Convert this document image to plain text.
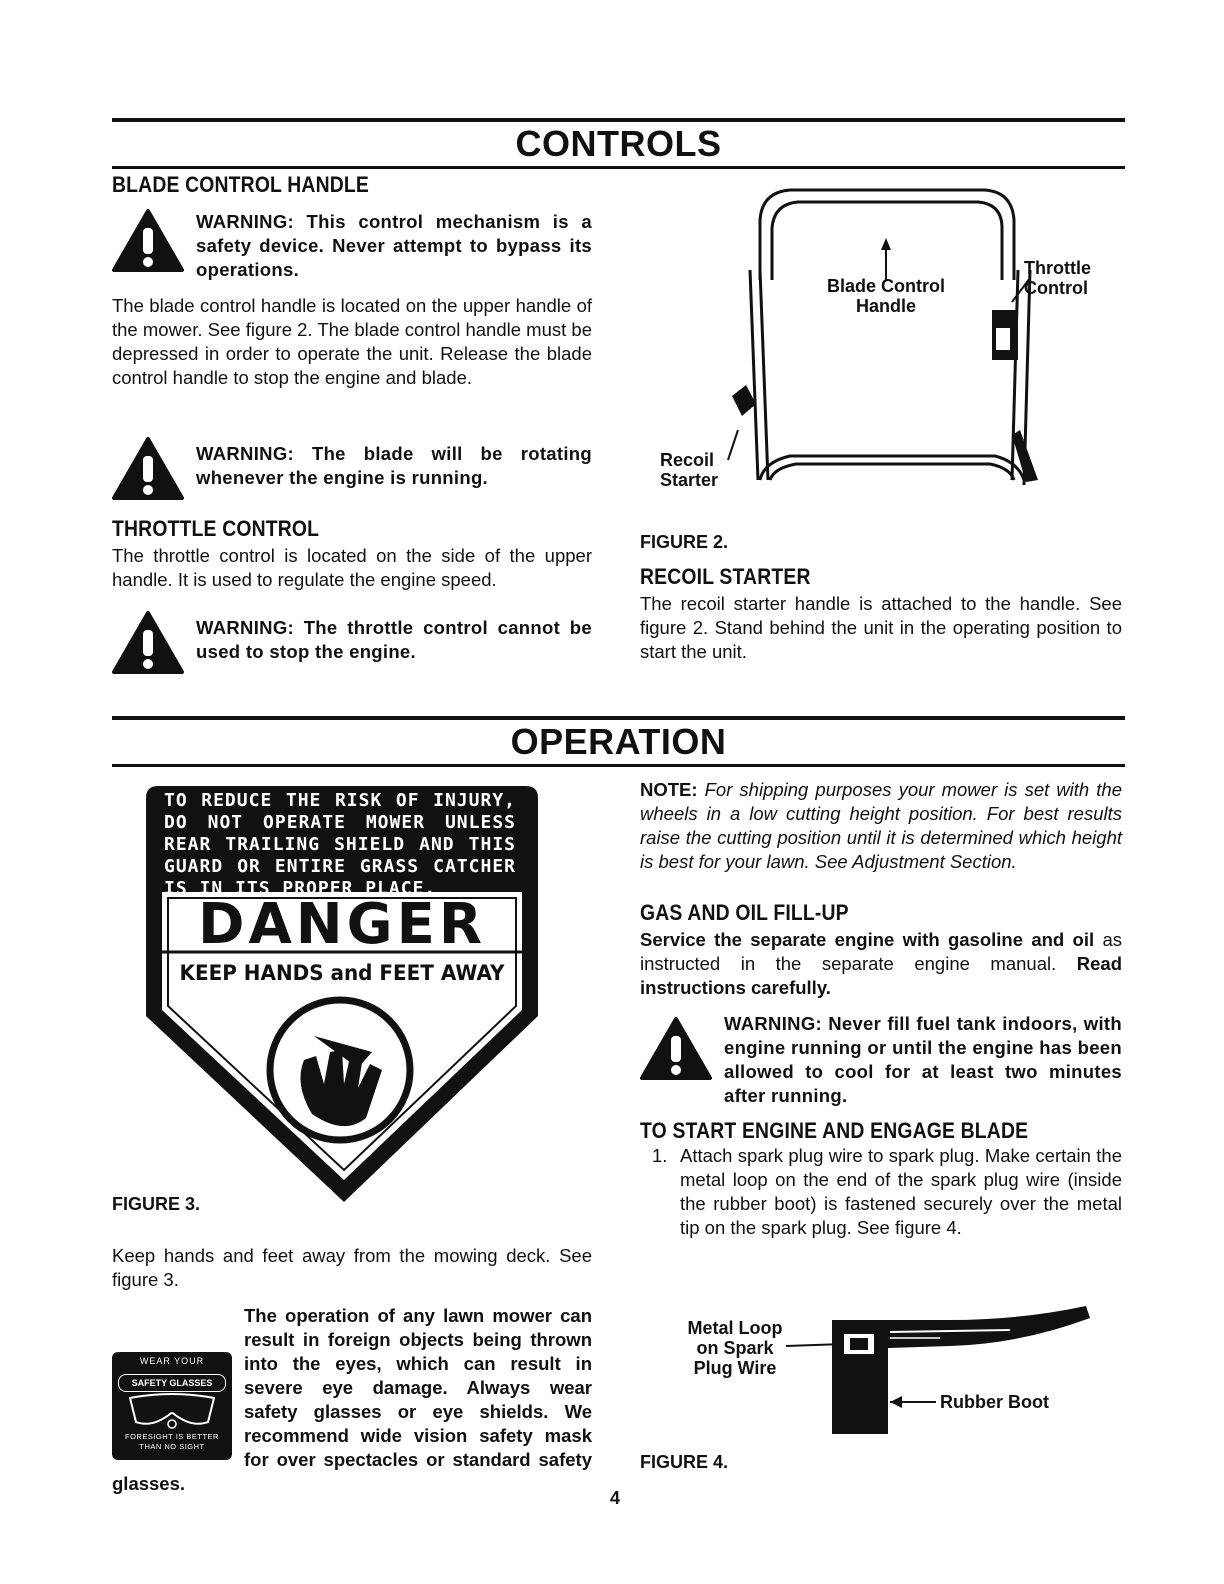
CONTROLS
BLADE CONTROL HANDLE
WARNING: This control mechanism is a safety device. Never attempt to bypass its operations.
The blade control handle is located on the upper handle of the mower. See figure 2. The blade control handle must be depressed in order to operate the unit. Release the blade control handle to stop the engine and blade.
WARNING: The blade will be rotating whenever the engine is running.
THROTTLE CONTROL
The throttle control is located on the side of the upper handle. It is used to regulate the engine speed.
WARNING: The throttle control cannot be used to stop the engine.
Blade Control Handle
Throttle Control
Recoil Starter
FIGURE 2.
RECOIL STARTER
The recoil starter handle is attached to the handle. See figure 2. Stand behind the unit in the operating position to start the unit.
OPERATION
TO REDUCE THE RISK OF INJURY, DO NOT OPERATE MOWER UNLESS REAR TRAILING SHIELD AND THIS GUARD OR ENTIRE GRASS CATCHER IS IN ITS PROPER PLACE.
DANGER
KEEP HANDS and FEET AWAY
FIGURE 3.
Keep hands and feet away from the mowing deck. See figure 3.
WEAR YOUR
SAFETY GLASSES
FORESIGHT IS BETTER THAN NO SIGHT
The operation of any lawn mower can result in foreign objects being thrown into the eyes, which can result in severe eye damage. Always wear safety glasses or eye shields. We recommend wide vision safety mask for over spectacles or standard safety glasses.
NOTE: For shipping purposes your mower is set with the wheels in a low cutting height position. For best results raise the cutting position until it is determined which height is best for your lawn. See Adjustment Section.
GAS AND OIL FILL-UP
Service the separate engine with gasoline and oil as instructed in the separate engine manual. Read instructions carefully.
WARNING: Never fill fuel tank indoors, with engine running or until the engine has been allowed to cool for at least two minutes after running.
TO START ENGINE AND ENGAGE BLADE
1. Attach spark plug wire to spark plug. Make certain the metal loop on the end of the spark plug wire (inside the rubber boot) is fastened securely over the metal tip on the spark plug. See figure 4.
Metal Loop on Spark Plug Wire
Rubber Boot
FIGURE 4.
4
